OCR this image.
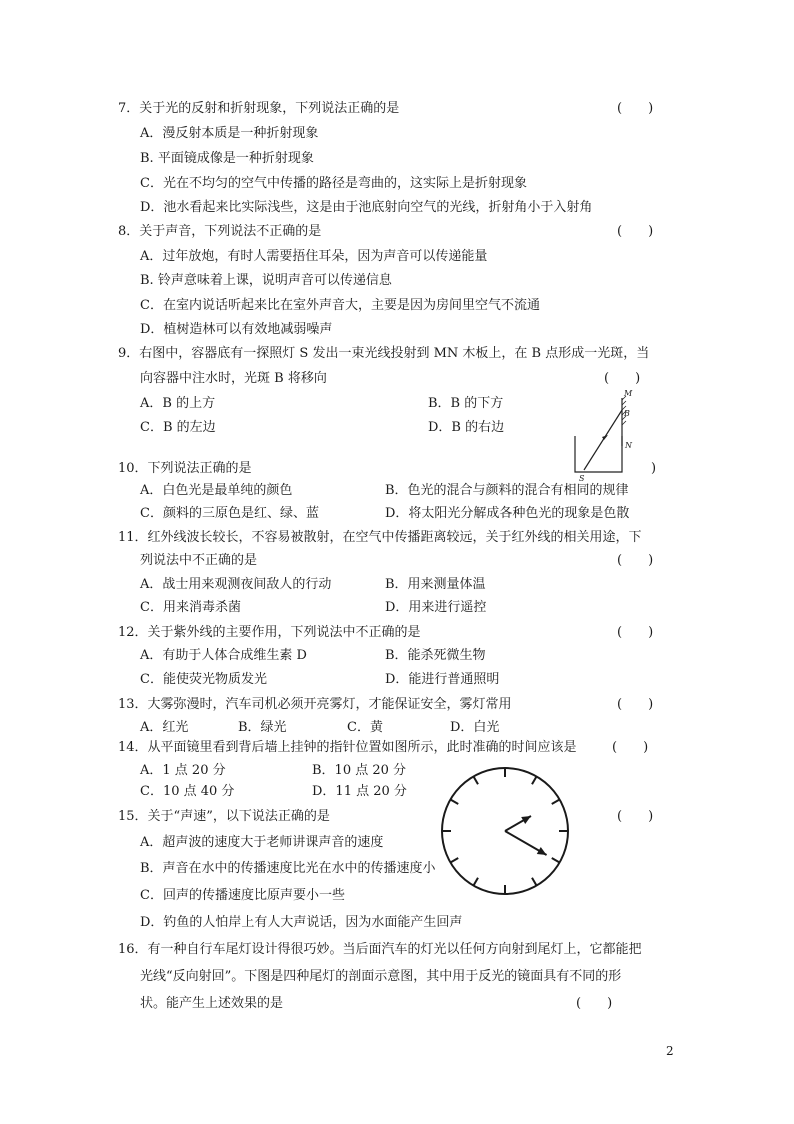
7．关于光的反射和折射现象，下列说法正确的是	(　　)
A．漫反射本质是一种折射现象
B. 平面镜成像是一种折射现象
C．光在不均匀的空气中传播的路径是弯曲的，这实际上是折射现象
D．池水看起来比实际浅些，这是由于池底射向空气的光线，折射角小于入射角
8．关于声音，下列说法不正确的是	(　　)
A．过年放炮，有时人需要捂住耳朵，因为声音可以传递能量
B. 铃声意味着上课，说明声音可以传递信息
C．在室内说话听起来比在室外声音大，主要是因为房间里空气不流通
D．植树造林可以有效地减弱噪声
9．右图中，容器底有一探照灯 S 发出一束光线投射到 MN 木板上，在 B 点形成一光斑，当
向容器中注水时，光斑 B 将移向	(　　)
A．B 的上方	B．B 的下方
C．B 的左边	D．B 的右边
M
B
N
S
10．下列说法正确的是	)
A．白色光是最单纯的颜色	B．色光的混合与颜料的混合有相同的规律
C．颜料的三原色是红、绿、蓝	D．将太阳光分解成各种色光的现象是色散
11．红外线波长较长，不容易被散射，在空气中传播距离较远，关于红外线的相关用途，下
列说法中不正确的是	(　　)
A．战士用来观测夜间敌人的行动	B．用来测量体温
C．用来消毒杀菌	D．用来进行遥控
12．关于紫外线的主要作用，下列说法中不正确的是	(　　)
A．有助于人体合成维生素 D	B．能杀死微生物
C．能使荧光物质发光	D．能进行普通照明
13．大雾弥漫时，汽车司机必须开亮雾灯，才能保证安全，雾灯常用	(　　)
A．红光	B．绿光	C．黄	D．白光
14．从平面镜里看到背后墙上挂钟的指针位置如图所示，此时准确的时间应该是	(　　)
A．1 点 20 分	B．10 点 20 分
C．10 点 40 分	D．11 点 20 分
15．关于“声速”，以下说法正确的是	(　　)
A．超声波的速度大于老师讲课声音的速度
B．声音在水中的传播速度比光在水中的传播速度小
C．回声的传播速度比原声要小一些
D．钓鱼的人怕岸上有人大声说话，因为水面能产生回声
16．有一种自行车尾灯设计得很巧妙。当后面汽车的灯光以任何方向射到尾灯上，它都能把
光线“反向射回”。下图是四种尾灯的剖面示意图，其中用于反光的镜面具有不同的形
状。能产生上述效果的是	(　　)
2
